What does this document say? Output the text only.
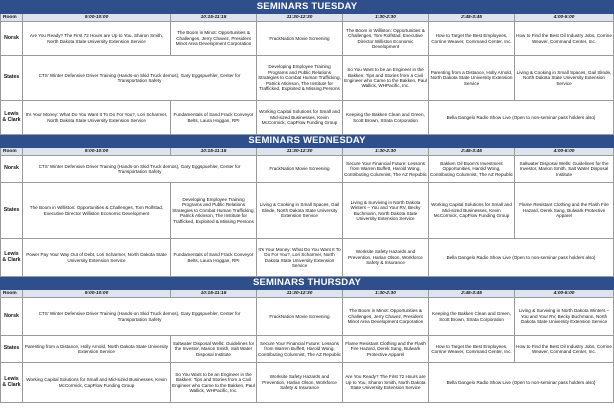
SEMINARS TUESDAY						
Room	9:00-10:00	10:15-11:15	11:30-12:30	1:30-2:30	2:45-3:45	4:00-5:00
Norsk	Are You Ready? The First 72 Hours are Up to You, Sharon Smith, North Dakota State University Extension Service	The Boom in Minot: Opportunities & Challenges, Jerry Chavez, President Minot Area Development Corporation	FrackNation Movie Screening	The Boom in Williston: Opportunities & Challenges, Tom Rolfstad, Executive Director Williston Economic Development	How to Target the Best Employees, Corrine Weaver, Command Center, Inc.	How to Find the Best Oil Industry Jobs, Corrine Weaver, Command Center, Inc.
States	CTS' Winter Defensive Driver Training (Hands-on Skid Truck demos), Gary Eggspuehler, Center for Transportation Safety		Developing Employee Training Programs and Public Relations Strategies to Combat Human Trafficking, Patrick Atkinson, The Institute for Trafficked, Exploited & Missing Persons	So You Want to be an Engineer in the Bakken: Tips and Stories from a Civil Engineer who Came to the Bakken, Paul Wallick, WHPacific, Inc.	Parenting from a Distance, Holly Arnold, North Dakota State University Extension Service	Living & Cooking in Small Spaces, Gail Slinde, North Dakota State University Extension Service
Lewis & Clark	It's Your Money: What Do You Want It To Do For You?, Lori Scharmer, North Dakota State University Extension Service	Fundamentals of Sand Frack Conveyor Belts, Laura Hoggan, RPI	Working Capital Solutions for Small and Mid-sized Businesses, Kevin McCormick, CapFlow Funding Group	Keeping the Bakken Clean and Green, Scott Brown, Strata Corporation	Bella Dangelo Radio Show Live (Open to non-seminar pass holders also)	
SEMINARS WEDNESDAY						
Room	9:00-10:00	10:15-11:15	11:30-12:30	1:30-2:30	2:45-3:45	4:00-5:00
Norsk	CTS' Winter Defensive Driver Training (Hands-on Skid Truck demos), Gary Eggspuehler, Center for Transportation Safety		FrackNation Movie Screening	Secure Your Financial Future: Lessons from Warren Buffett, Harold Wong, Contributing Columnist, The AZ Republic	Bakken Oil Boom's Investment Opportunities, Harold Wong, Contributing Columnist, The AZ Republic	Saltwater Disposal Wells: Guidelines for the Investor, Marion Smith, Salt Water Disposal Institute
States	The Boom in Williston: Opportunities & Challenges, Tom Rolfstad, Executive Director Williston Economic Development	Developing Employee Training Programs and Public Relations Strategies to Combat Human Trafficking, Patrick Atkinson, The Institute for Trafficked, Exploited & Missing Persons	Living & Cooking in Small Spaces, Gail Slinde, North Dakota State University Extension Service	Living & Surviving in North Dakota Winters – You and Your RV, Becky Buchmann, North Dakota State University Extension Service	Working Capital Solutions for Small and Mid-sized Businesses, Kevin McCormick, CapFlow Funding Group	Flame Resistant Clothing and the Flash Fire Hazard, Derek Sang, Bulwark Protective Apparel
Lewis & Clark	Power Pay Your Way Out of Debt, Lori Scharmer, North Dakota State University Extension Service	Fundamentals of Sand Frack Conveyor Belts, Laura Hoggan, RPI	It's Your Money: What Do You Want It To Do For You?, Lori Scharmer, North Dakota State University Extension Service	Worksite Safety Hazards and Prevention, Harlan Olson, Workforce Safety & Insurance	Bella Dangelo Radio Show Live (Open to non-seminar pass holders also)	
SEMINARS THURSDAY						
Room	9:00-10:00	10:15-11:15	11:30-12:30	1:30-2:30	2:45-3:45	4:00-5:00
Norsk	CTS' Winter Defensive Driver Training (Hands-on Skid Truck demos), Gary Eggspuehler, Center for Transportation Safety		FrackNation Movie Screening	The Boom in Minot: Opportunities & Challenges, Jerry Chavez, President Minot Area Development Corporation	Keeping the Bakken Clean and Green, Scott Brown, Strata Corporation	Living & Surviving in North Dakota Winters – You and Your RV, Becky Buchmann, North Dakota State University Extension Service
States	Parenting from a Distance, Holly Arnold, North Dakota State University Extension Service	Saltwater Disposal Wells: Guidelines for the Investor, Marion Smith, Salt Water Disposal Institute	Secure Your Financial Future: Lessons from Warren Buffett, Harold Wong, Contributing Columnist, The AZ Republic	Flame Resistant Clothing and the Flash Fire Hazard, Derek Sang, Bulwark Protective Apparel	How to Target the Best Employees, Corrine Weaver, Command Center, Inc.	How to Find the Best Oil Industry Jobs, Corrine Weaver, Command Center, Inc.
Lewis & Clark	Working Capital Solutions for Small and Mid-sized Businesses, Kevin McCormick, CapFlow Funding Group	So You Want to be an Engineer in the Bakken: Tips and Stories from a Civil Engineer who Came to the Bakken, Paul Wallick, WHPacific, Inc.	Worksite Safety Hazards and Prevention, Harlan Olson, Workforce Safety & Insurance	Are You Ready? The First 72 Hours are Up to You, Sharon Smith, North Dakota State University Extension Service	Bella Dangelo Radio Show Live (Open to non-seminar pass holders also)	
